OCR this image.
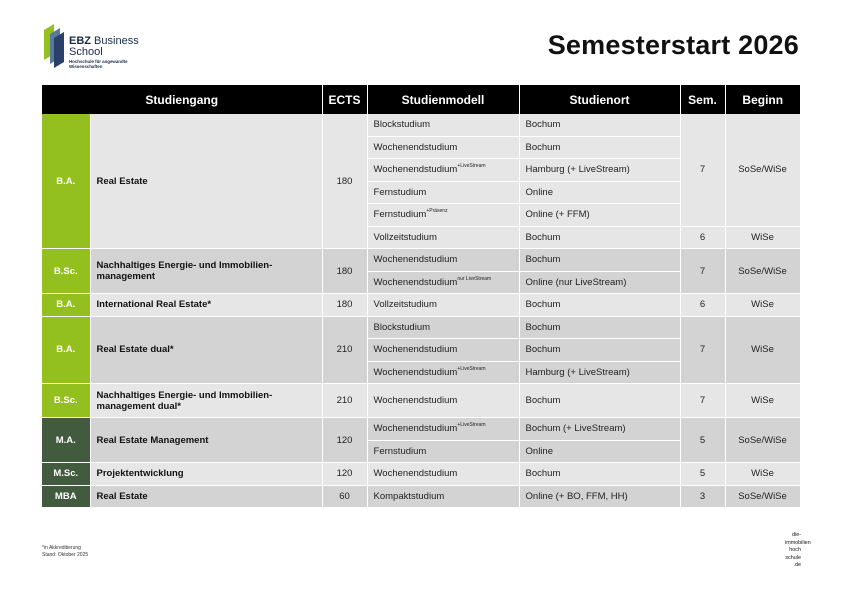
EBZ Business
School
Hochschule für angewandte Wissenschaften
Semesterstart 2026
Studiengang		ECTS	Studienmodell	Studienort	Sem.	Beginn
B.A.	Real Estate	180	Blockstudium	Bochum	7	SoSe/WiSe
			Wochenendstudium	Bochum		
			Wochenendstudium$^{+LiveStream}$	Hamburg (+ LiveStream)		
			Fernstudium	Online		
			Fernstudium$^{+Präsenz}$	Online (+ FFM)		
			Vollzeitstudium	Bochum	6	WiSe
B.Sc.	Nachhaltiges Energie- und Immobilien-management	180	Wochenendstudium	Bochum	7	SoSe/WiSe
			Wochenendstudium$^{nur LiveStream}$	Online (nur LiveStream)		
B.A.	International Real Estate*	180	Vollzeitstudium	Bochum	6	WiSe
B.A.	Real Estate dual*	210	Blockstudium	Bochum	7	WiSe
			Wochenendstudium	Bochum		
			Wochenendstudium$^{+LiveStream}$	Hamburg (+ LiveStream)		
B.Sc.	Nachhaltiges Energie- und Immobilien-management dual*	210	Wochenendstudium	Bochum	7	WiSe
M.A.	Real Estate Management	120	Wochenendstudium$^{+LiveStream}$	Bochum (+ LiveStream)	5	SoSe/WiSe
			Fernstudium	Online		
M.Sc.	Projektentwicklung	120	Wochenendstudium	Bochum	5	WiSe
MBA	Real Estate	60	Kompaktstudium	Online (+ BO, FFM, HH)	3	SoSe/WiSe
*in Akkreditierung
Stand: Oktober 2025
die-
immobilien
hoch
schule
.de
